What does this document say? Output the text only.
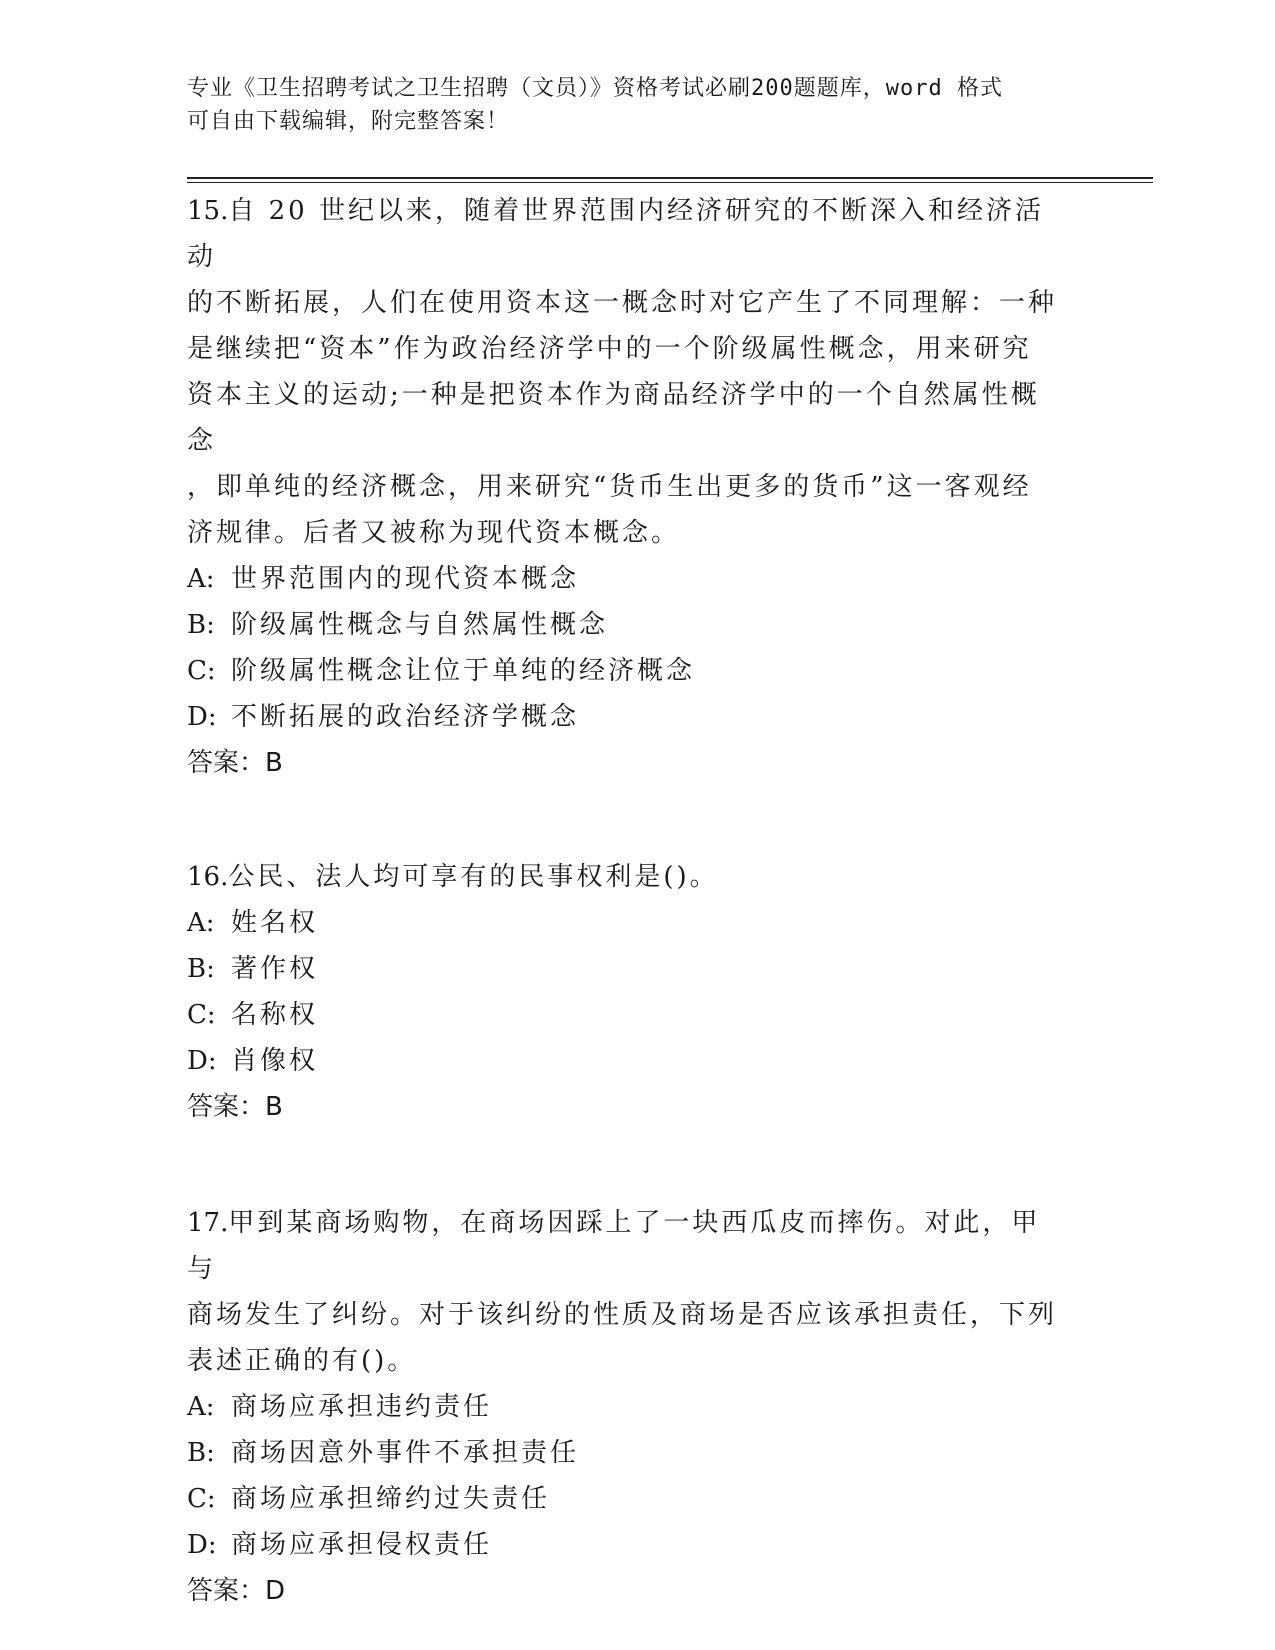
专业《卫生招聘考试之卫生招聘（文员）》资格考试必刷200题题库，word 格式
可自由下载编辑，附完整答案！

15.自 20 世纪以来，随着世界范围内经济研究的不断深入和经济活动

的不断拓展，人们在使用资本这一概念时对它产生了不同理解：一种

是继续把“资本”作为政治经济学中的一个阶级属性概念，用来研究

资本主义的运动;一种是把资本作为商品经济学中的一个自然属性概念

，即单纯的经济概念，用来研究“货币生出更多的货币”这一客观经

济规律。后者又被称为现代资本概念。

A: 世界范围内的现代资本概念

B: 阶级属性概念与自然属性概念

C: 阶级属性概念让位于单纯的经济概念

D: 不断拓展的政治经济学概念

答案：B

16.公民、法人均可享有的民事权利是()。

A: 姓名权

B: 著作权

C: 名称权

D: 肖像权

答案：B

17.甲到某商场购物，在商场因踩上了一块西瓜皮而摔伤。对此，甲与

商场发生了纠纷。对于该纠纷的性质及商场是否应该承担责任，下列

表述正确的有()。

A: 商场应承担违约责任

B: 商场因意外事件不承担责任

C: 商场应承担缔约过失责任

D: 商场应承担侵权责任

答案：D
